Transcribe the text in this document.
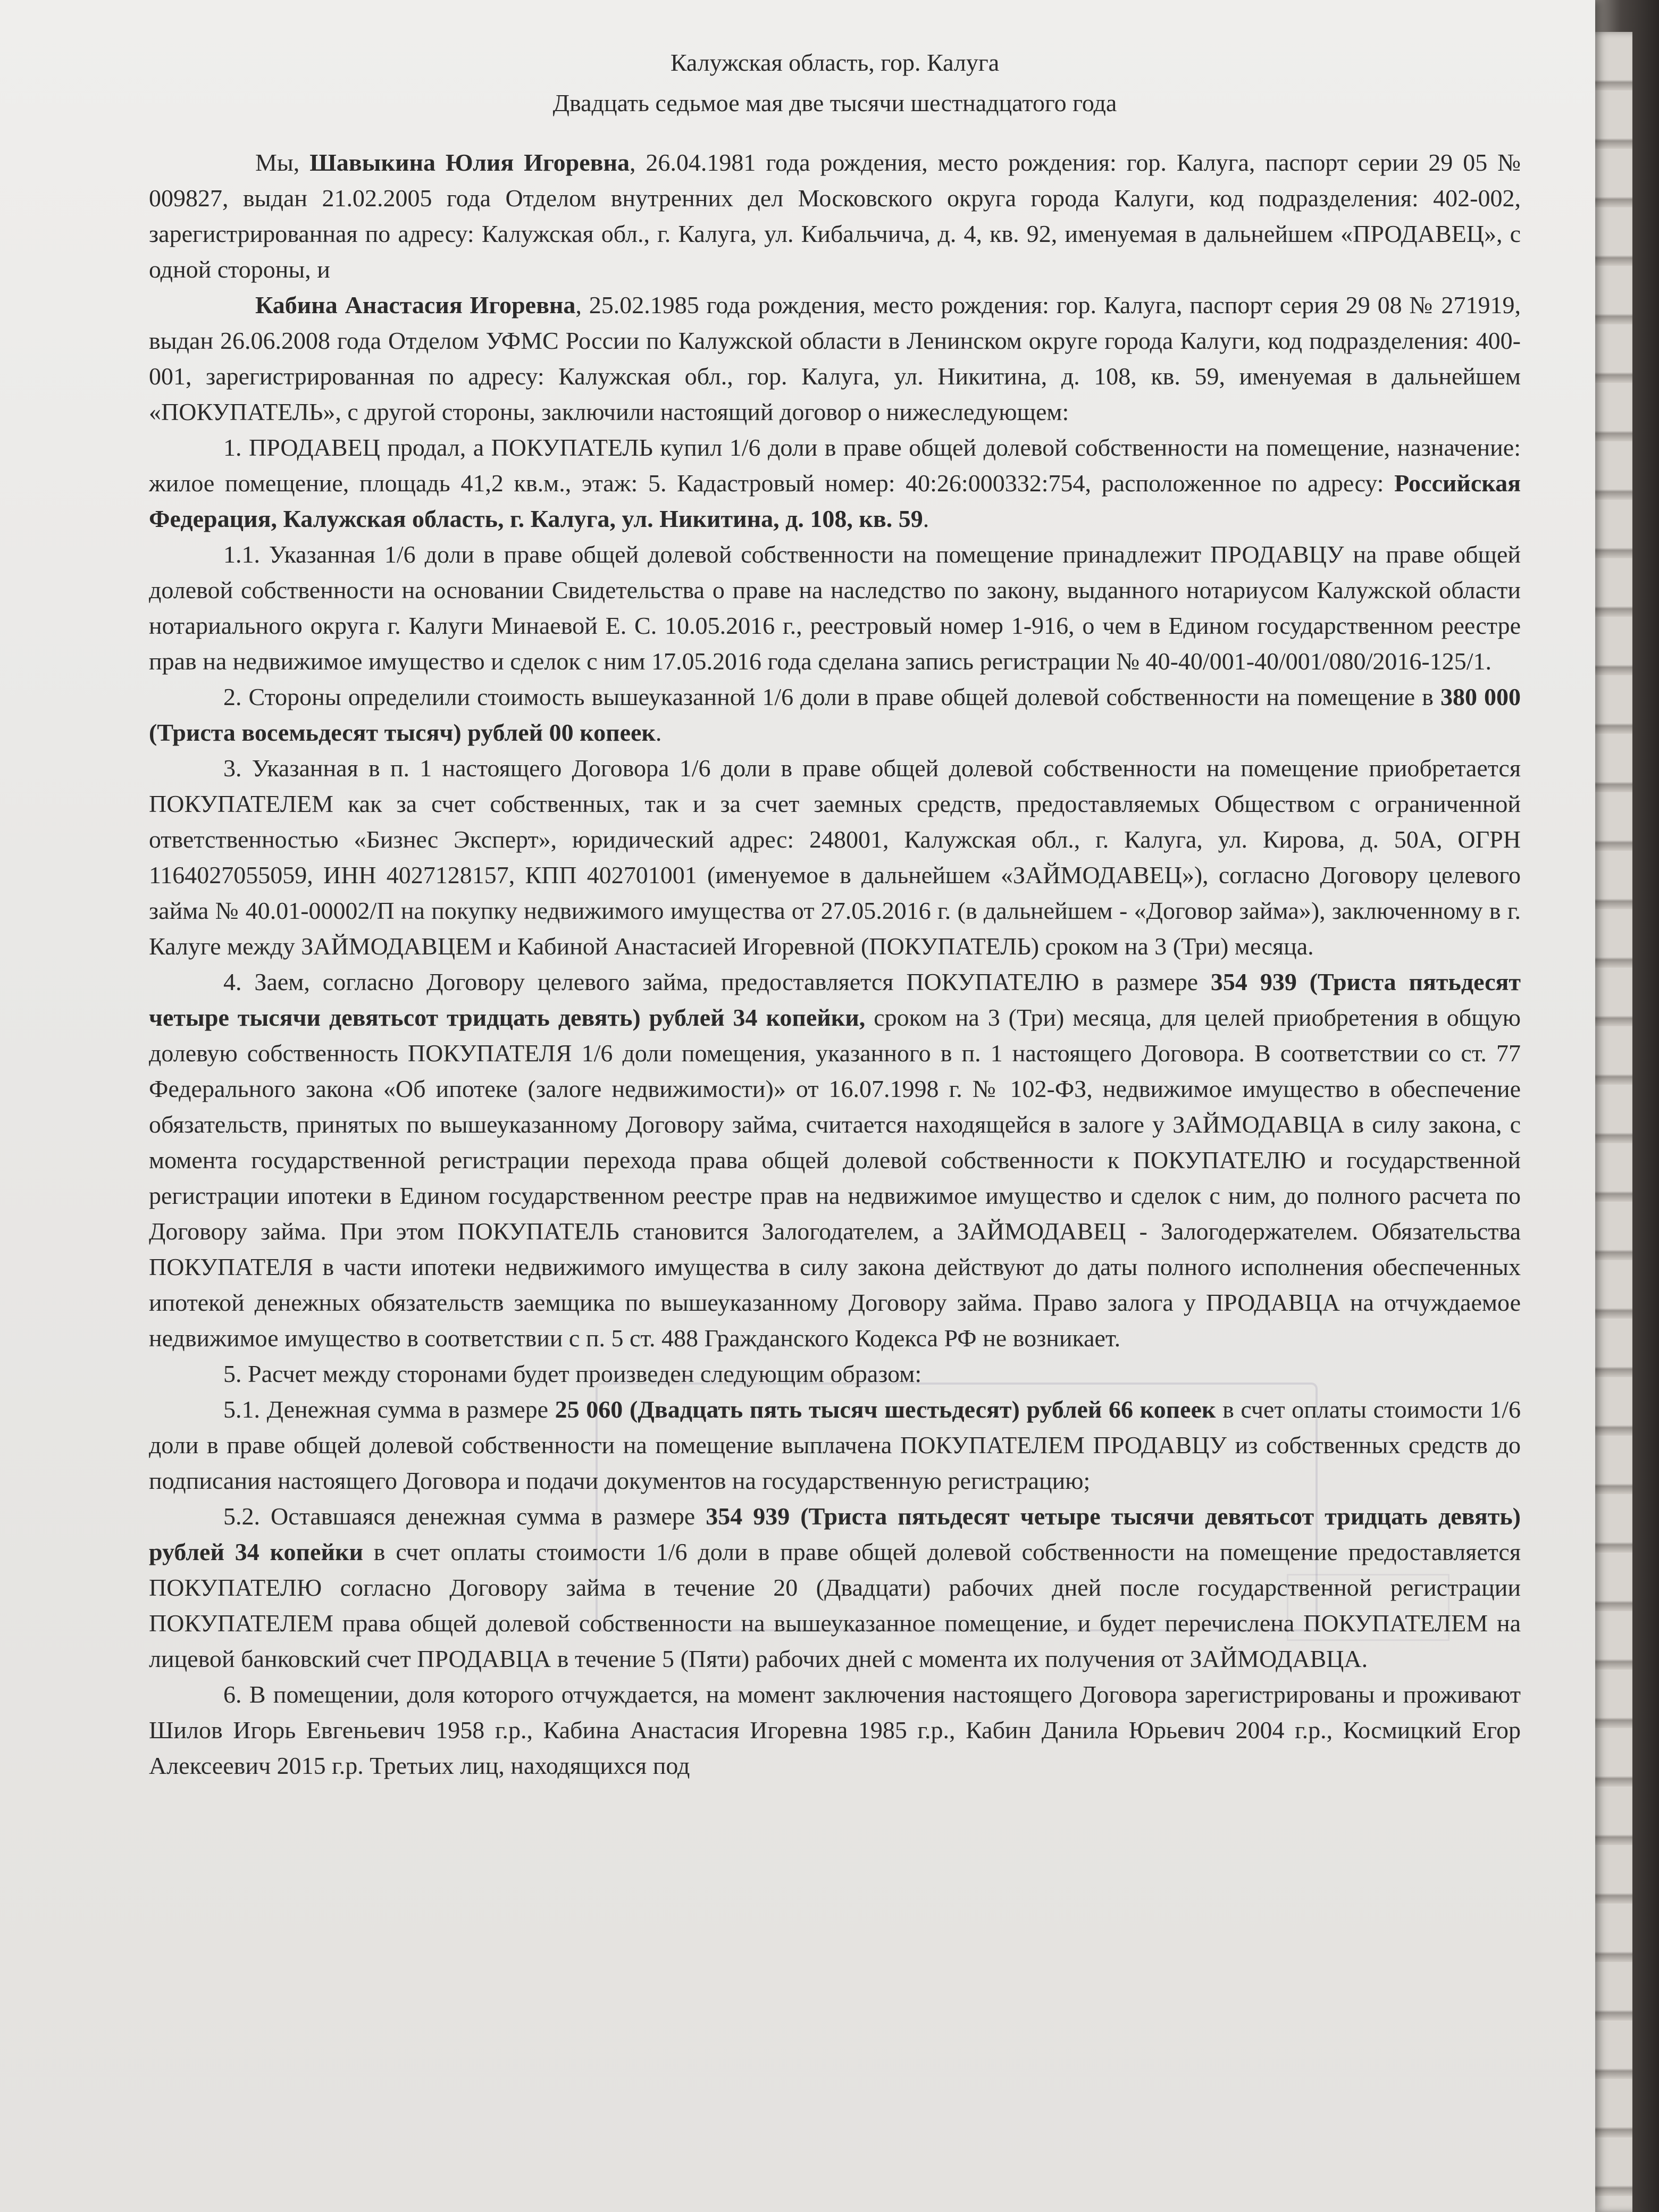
Калужская область, гор. Калуга
Двадцать седьмое мая две тысячи шестнадцатого года

Мы, Шавыкина Юлия Игоревна, 26.04.1981 года рождения, место рождения: гор. Калуга, паспорт серии 29 05 № 009827, выдан 21.02.2005 года Отделом внутренних дел Московского округа города Калуги, код подразделения: 402-002, зарегистрированная по адресу: Калужская обл., г. Калуга, ул. Кибальчича, д. 4, кв. 92, именуемая в дальнейшем «ПРОДАВЕЦ», с одной стороны, и

Кабина Анастасия Игоревна, 25.02.1985 года рождения, место рождения: гор. Калуга, паспорт серия 29 08 № 271919, выдан 26.06.2008 года Отделом УФМС России по Калужской области в Ленинском округе города Калуги, код подразделения: 400-001, зарегистрированная по адресу: Калужская обл., гор. Калуга, ул. Никитина, д. 108, кв. 59, именуемая в дальнейшем «ПОКУПАТЕЛЬ», с другой стороны, заключили настоящий договор о нижеследующем:

1. ПРОДАВЕЦ продал, а ПОКУПАТЕЛЬ купил 1/6 доли в праве общей долевой собственности на помещение, назначение: жилое помещение, площадь 41,2 кв.м., этаж: 5. Кадастровый номер: 40:26:000332:754, расположенное по адресу: Российская Федерация, Калужская область, г. Калуга, ул. Никитина, д. 108, кв. 59.

1.1. Указанная 1/6 доли в праве общей долевой собственности на помещение принадлежит ПРОДАВЦУ на праве общей долевой собственности на основании Свидетельства о праве на наследство по закону, выданного нотариусом Калужской области нотариального округа г. Калуги Минаевой Е. С. 10.05.2016 г., реестровый номер 1-916, о чем в Едином государственном реестре прав на недвижимое имущество и сделок с ним 17.05.2016 года сделана запись регистрации № 40-40/001-40/001/080/2016-125/1.

2. Стороны определили стоимость вышеуказанной 1/6 доли в праве общей долевой собственности на помещение в 380 000 (Триста восемьдесят тысяч) рублей 00 копеек.

3. Указанная в п. 1 настоящего Договора 1/6 доли в праве общей долевой собственности на помещение приобретается ПОКУПАТЕЛЕМ как за счет собственных, так и за счет заемных средств, предоставляемых Обществом с ограниченной ответственностью «Бизнес Эксперт», юридический адрес: 248001, Калужская обл., г. Калуга, ул. Кирова, д. 50А, ОГРН 1164027055059, ИНН 4027128157, КПП 402701001 (именуемое в дальнейшем «ЗАЙМОДАВЕЦ»), согласно Договору целевого займа № 40.01-00002/П на покупку недвижимого имущества от 27.05.2016 г. (в дальнейшем - «Договор займа»), заключенному в г. Калуге между ЗАЙМОДАВЦЕМ и Кабиной Анастасией Игоревной (ПОКУПАТЕЛЬ) сроком на 3 (Три) месяца.

4. Заем, согласно Договору целевого займа, предоставляется ПОКУПАТЕЛЮ в размере 354 939 (Триста пятьдесят четыре тысячи девятьсот тридцать девять) рублей 34 копейки, сроком на 3 (Три) месяца, для целей приобретения в общую долевую собственность ПОКУПАТЕЛЯ 1/6 доли помещения, указанного в п. 1 настоящего Договора. В соответствии со ст. 77 Федерального закона «Об ипотеке (залоге недвижимости)» от 16.07.1998 г. № 102-ФЗ, недвижимое имущество в обеспечение обязательств, принятых по вышеуказанному Договору займа, считается находящейся в залоге у ЗАЙМОДАВЦА в силу закона, с момента государственной регистрации перехода права общей долевой собственности к ПОКУПАТЕЛЮ и государственной регистрации ипотеки в Едином государственном реестре прав на недвижимое имущество и сделок с ним, до полного расчета по Договору займа. При этом ПОКУПАТЕЛЬ становится Залогодателем, а ЗАЙМОДАВЕЦ - Залогодержателем. Обязательства ПОКУПАТЕЛЯ в части ипотеки недвижимого имущества в силу закона действуют до даты полного исполнения обеспеченных ипотекой денежных обязательств заемщика по вышеуказанному Договору займа. Право залога у ПРОДАВЦА на отчуждаемое недвижимое имущество в соответствии с п. 5 ст. 488 Гражданского Кодекса РФ не возникает.

5. Расчет между сторонами будет произведен следующим образом:

5.1. Денежная сумма в размере 25 060 (Двадцать пять тысяч шестьдесят) рублей 66 копеек в счет оплаты стоимости 1/6 доли в праве общей долевой собственности на помещение выплачена ПОКУПАТЕЛЕМ ПРОДАВЦУ из собственных средств до подписания настоящего Договора и подачи документов на государственную регистрацию;

5.2. Оставшаяся денежная сумма в размере 354 939 (Триста пятьдесят четыре тысячи девятьсот тридцать девять) рублей 34 копейки в счет оплаты стоимости 1/6 доли в праве общей долевой собственности на помещение предоставляется ПОКУПАТЕЛЮ согласно Договору займа в течение 20 (Двадцати) рабочих дней после государственной регистрации ПОКУПАТЕЛЕМ права общей долевой собственности на вышеуказанное помещение, и будет перечислена ПОКУПАТЕЛЕМ на лицевой банковский счет ПРОДАВЦА в течение 5 (Пяти) рабочих дней с момента их получения от ЗАЙМОДАВЦА.

6. В помещении, доля которого отчуждается, на момент заключения настоящего Договора зарегистрированы и проживают Шилов Игорь Евгеньевич 1958 г.р., Кабина Анастасия Игоревна 1985 г.р., Кабин Данила Юрьевич 2004 г.р., Космицкий Егор Алексеевич 2015 г.р. Третьих лиц, находящихся под
